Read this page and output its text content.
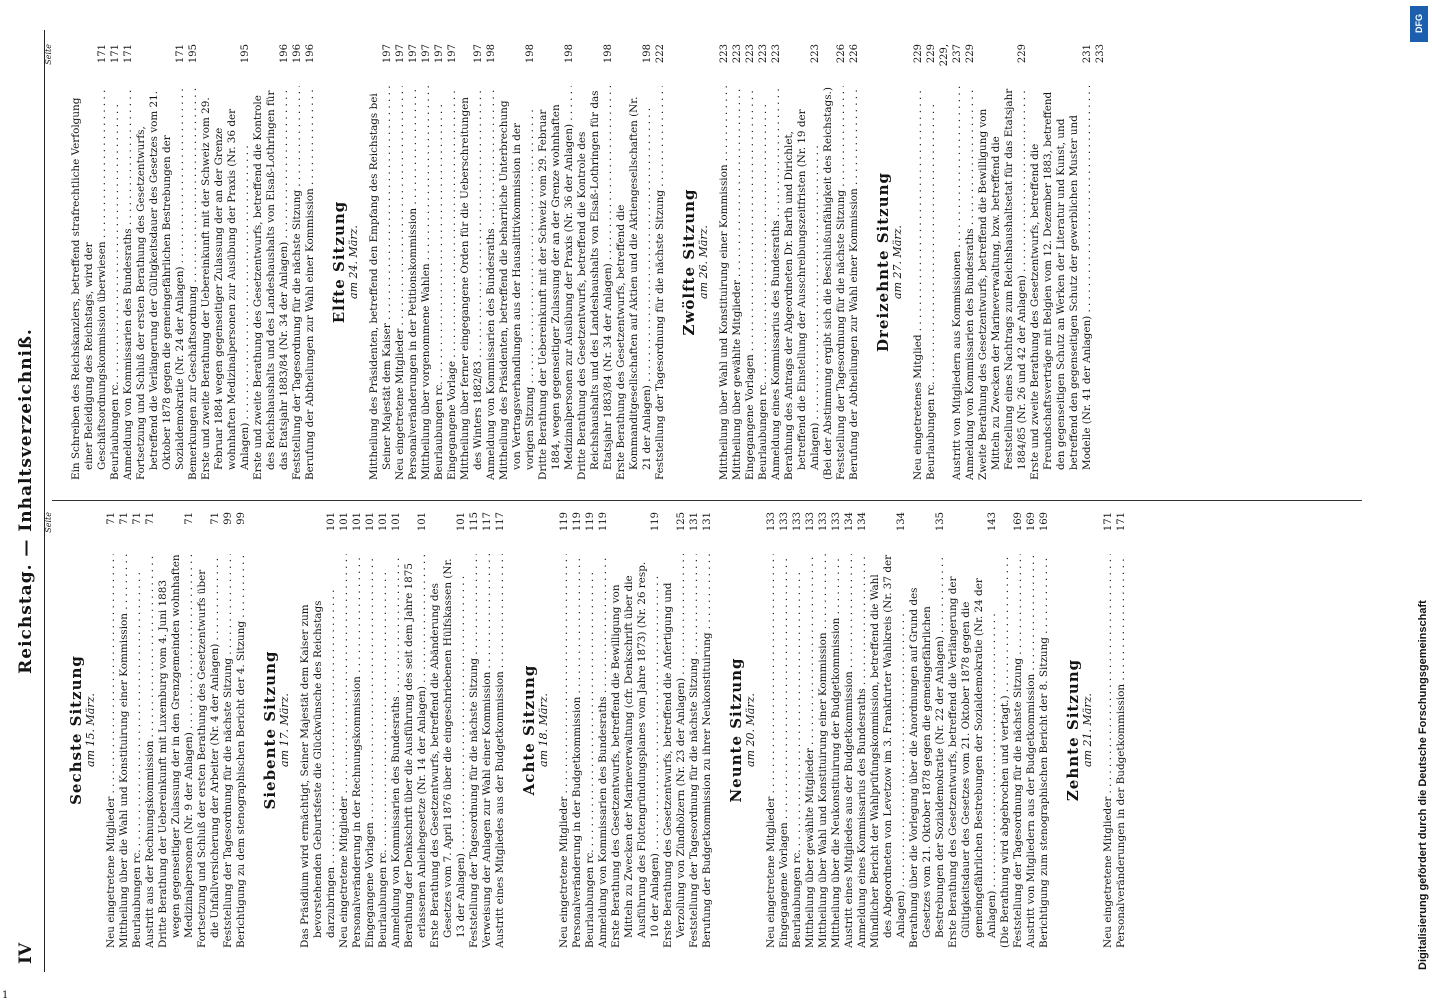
IV
Reichstag. — Inhaltsverzeichniß. Seite
Sechste Sitzung am 15. März.
Neu eingetretene Mitglieder . . .
71
Mittheilung über die Wahl und Konstituirung einer Kommission . . .
71
Beurlaubungen rc. . . .
71
Austritt aus der Rechnungskommission . . .
71
Dritte Berathung der Uebereinkunft mit Luxemburg vom 4. Juni 1883 wegen gegenseitiger Zulassung der in den Grenzgemeinden wohnhaften Medizinalpersonen (Nr. 9 der Anlagen) . . .
71
Fortsetzung und Schluß der ersten Berathung des Gesetzentwurfs über die Unfallversicherung der Arbeiter (Nr. 4 der Anlagen) . . .
71
Feststellung der Tagesordnung für die nächste Sitzung . . .
99
Berichtigung zu dem stenographischen Bericht der 4. Sitzung . . .
99
Siebente Sitzung am 17. März. Das Präsidium wird ermächtigt, Seiner Majestät dem Kaiser zum bevorstehenden Geburtsfeste die Glückwünsche des Reichstags darzubringen . . .
101
Neu eingetretene Mitglieder . . .
101
Personalveränderung in der Rechnungskommission . . .
101
Eingegangene Vorlagen . . .
101
Beurlaubungen rc. . . .
101
Anmeldung von Kommissarien des Bundesraths . . .
101
Berathung der Denkschrift über die Ausführung des seit dem Jahre 1875 erlassenen Anleihegesetze (Nr. 14 der Anlagen) . . .
101
Erste Berathung des Gesetzentwurfs, betreffend die Abänderung des Gesetzes vom 7. April 1876 über die eingeschriebenen Hülfskassen (Nr. 13 der Anlagen) . . .
101
Feststellung der Tagesordnung für die nächste Sitzung . . .
115
Verweisung der Anlagen zur Wahl einer Kommission . . .
117
Austritt eines Mitgliedes aus der Budgetkommission . . .
117
Achte Sitzung am 18. März.
Neu eingetretene Mitglieder . . .
119
Personalveränderung in der Budgetkommission . . .
119
Beurlaubungen rc. . . .
119
Anmeldung von Kommissarien des Bundesraths . . .
119
Erste Berathung des Gesetzentwurfs, betreffend die Bewilligung von Mitteln zu Zwecken der Marineverwaltung (cfr. Denkschrift über die Ausführung des Flottengründungsplanes vom Jahre 1873) (Nr. 26 resp. 10 der Anlagen) . . .
119
Erste Berathung des Gesetzentwurfs, betreffend die Anfertigung und Verzollung von Zündhölzern (Nr. 23 der Anlagen) . . .
125
Feststellung der Tagesordnung für die nächste Sitzung . . .
131
Berufung der Budgetkommission zu ihrer Neukonstituirung . . .
131
Neunte Sitzung am 20. März.
Neu eingetretene Mitglieder . . .
133
Eingegangene Vorlagen . . .
133
Beurlaubungen rc. . . .
133
Mittheilung über gewählte Mitglieder . . .
133
Mittheilung über Wahl und Konstituirung einer Kommission . . .
133
Mittheilung über die Neukonstituirung der Budgetkommission . . .
133
Austritt eines Mitgliedes aus der Budgetkommission . . .
134
Anmeldung eines Kommissarius des Bundesraths . . .
134
Mündlicher Bericht der Wahlprüfungskommission, betreffend die Wahl des Abgeordneten von Levetzow im 3. Frankfurter Wahlkreis (Nr. 37 der Anlagen) . . .
134
Berathung über die Vorlegung über die Anordnungen auf Grund des Gesetzes vom 21. Oktober 1878 gegen die gemeingefährlichen Bestrebungen der Sozialdemokratie (Nr. 22 der Anlagen) . . .
135
Erste Berathung des Gesetzentwurfs, betreffend die Verlängerung der Gültigkeitsdauer des Gesetzes vom 21. Oktober 1878 gegen die gemeingefährlichen Bestrebungen der Sozialdemokratie (Nr. 24 der Anlagen) . . .
143
(Die Berathung wird abgebrochen und vertagt.) . . . Feststellung der Tagesordnung für die nächste Sitzung . . .
169
Austritt von Mitgliedern aus der Budgetkommission . . .
169
Berichtigung zum stenographischen Bericht der 8. Sitzung . . .
169
Zehnte Sitzung am 21. März.
Neu eingetretene Mitglieder . . .
171
Personalveränderungen in der Budgetkommission . . .
171
Seite
Ein Schreiben des Reichskanzlers, betreffend strafrechtliche Verfolgung einer Beleidigung des Reichstags, wird der Geschäftsordnungskommission überwiesen . . .
171
Beurlaubungen rc. . . .
171
Anmeldung von Kommissarien des Bundesraths . . .
171
Fortsetzung und Schluß der ersten Berathung des Gesetzentwurfs, betreffend die Verlängerung der Gültigkeitsdauer des Gesetzes vom 21. Oktober 1878 gegen die gemeingefährlichen Bestrebungen der Sozialdemokratie (Nr. 24 der Anlagen) . . .
171
Bemerkungen zur Geschäftsordnung . . .
195
Erste und zweite Berathung der Uebereinkunft mit der Schweiz vom 29. Februar 1884 wegen gegenseitiger Zulassung der an der Grenze wohnhaften Medizinalpersonen zur Ausübung der Praxis (Nr. 36 der Anlagen) . . .
195
Erste und zweite Berathung des Gesetzentwurfs, betreffend die Kontrole des Reichshaushalts und des Landeshaushalts von Elsaß-Lothringen für das Etatsjahr 1883/84 (Nr. 34 der Anlagen) . . .
196
Feststellung der Tagesordnung für die nächste Sitzung . . .
196
Berufung der Abtheilungen zur Wahl einer Kommission . . .
196
Elfte Sitzung am 24. März. Mittheilung des Präsidenten, betreffend den Empfang des Reichstags bei Seiner Majestät dem Kaiser . . .
197
Neu eingetretene Mitglieder . . .
197
Personalveränderungen in der Petitionskommission . . .
197
Mittheilung über vorgenommene Wahlen . . .
197
Beurlaubungen rc. . . .
197
Eingegangene Vorlage . . .
197
Mittheilung über ferner eingegangene Orden für die Ueberschreitungen des Winters 1882/83 . . .
197
Anmeldung von Kommissarien des Bundesraths . . .
198
Mittheilung des Präsidenten, betreffend die beharrliche Unterbrechung von Vertragsverhandlungen aus der Hausalittivkommission in der vorigen Sitzung . . .
198
Dritte Berathung der Uebereinkunft mit der Schweiz vom 29. Februar 1884, wegen gegenseitiger Zulassung der an der Grenze wohnhaften Medizinalpersonen zur Ausübung der Praxis (Nr. 36 der Anlagen) . . .
198
Dritte Berathung des Gesetzentwurfs, betreffend die Kontrole des Reichshaushalts und des Landeshaushalts von Elsaß-Lothringen für das Etatsjahr 1883/84 (Nr. 34 der Anlagen) . . .
198
Erste Berathung des Gesetzentwurfs, betreffend die Kommanditgesellschaften auf Aktien und die Aktiengesellschaften (Nr. 21 der Anlagen) . . .
198
Feststellung der Tagesordnung für die nächste Sitzung . . .
222
Zwölfte Sitzung am 26. März. Mittheilung über Wahl und Konstituirung einer Kommission . . .
223
Mittheilung über gewählte Mitglieder . . .
223
Eingegangene Vorlagen . . .
223
Beurlaubungen rc. . . .
223
Anmeldung eines Kommissarius des Bundesraths . . .
223
Berathung des Antrags der Abgeordneten Dr. Barth und Dirichlet, betreffend die Einstellung der Ausschreibungszeitfristen (Nr. 19 der Anlagen) . . .
223
(Bei der Abstimmung ergibt sich die Beschlußunfähigkeit des Reichstags.) . . . Feststellung der Tagesordnung für die nächste Sitzung . . .
226
Berufung der Abtheilungen zur Wahl einer Kommission . . .
226
Dreizehnte Sitzung am 27. März.
Neu eingetretenes Mitglied . . .
229
Beurlaubungen rc. . . .
229
Austritt von Mitgliedern aus Kommissionen . . .
229, 237
Anmeldung von Kommissarien des Bundesraths . . .
229
Zweite Berathung des Gesetzentwurfs, betreffend die Bewilligung von Mitteln zu Zwecken der Marineverwaltung, bzw. betreffend die Feststellung eines Nachtrags zum Reichshaushaltsetat für das Etatsjahr 1884/85 (Nr. 26 und 42 der Anlagen) . . .
229
Erste und zweite Berathung des Gesetzentwurfs, betreffend die Freundschaftsverträge mit Belgien vom 12. Dezember 1883, betreffend den gegenseitigen Schutz an Werken der Literatur und Kunst, und betreffend den gegenseitigen Schutz der gewerblichen Muster und Modelle (Nr. 41 der Anlagen) . . .
231 233
1
DFG
Digitalisierung gefördert durch die Deutsche Forschungsgemeinschaft
